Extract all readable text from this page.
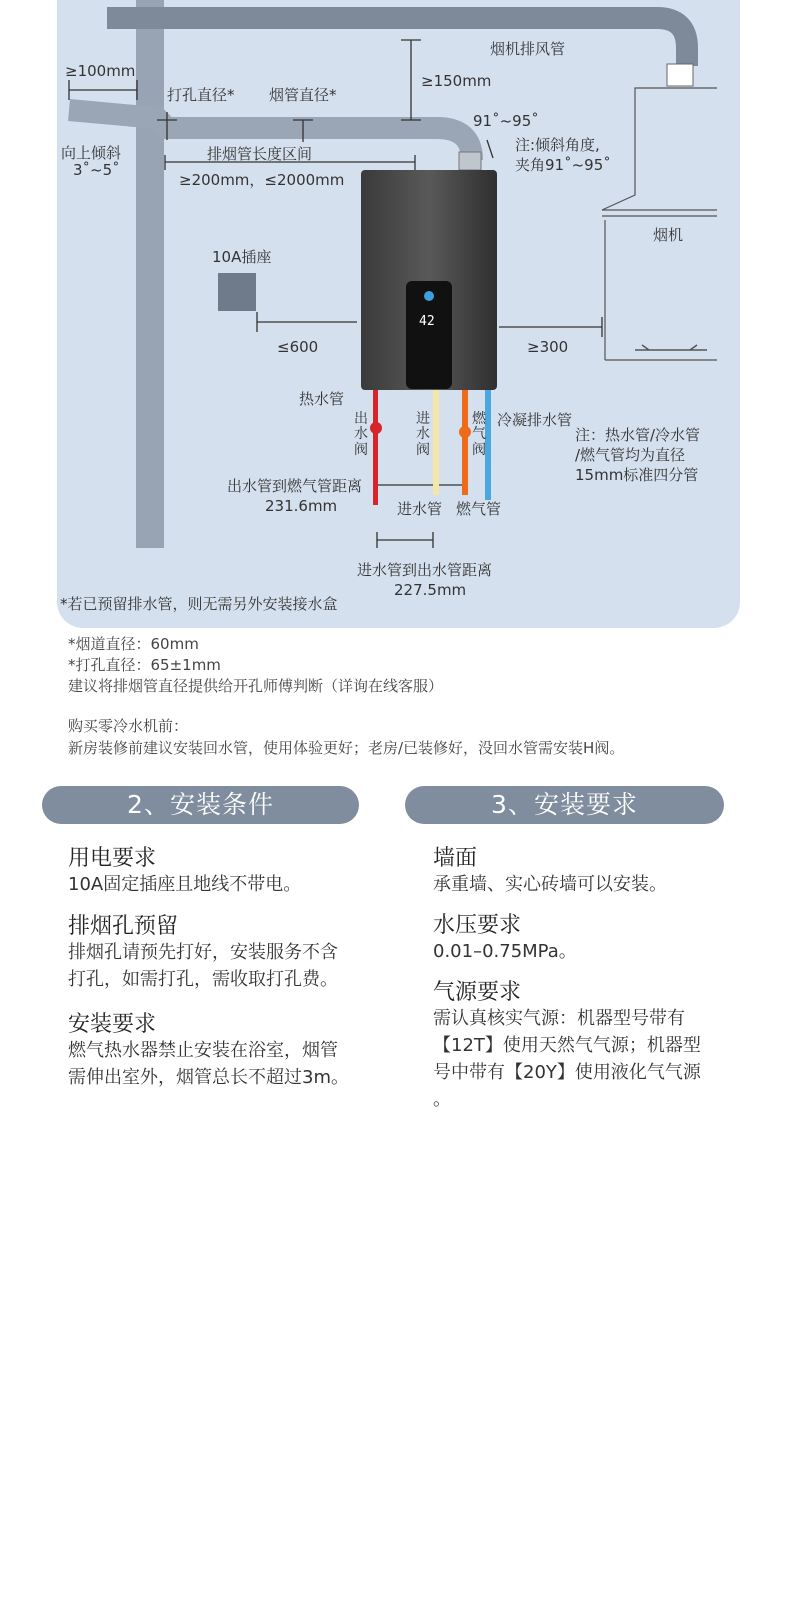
42
烟机排风管
≥100mm
打孔直径* 烟管直径*
≥150mm
91˚~95˚
向上倾斜
3˚~5˚
排烟管长度区间
≥200mm，≤2000mm
注:倾斜角度,
夹角91˚~95˚
烟机
10A插座
≤600	≥300
热水管
出水阀
进水阀
燃气阀
冷凝排水管
注：热水管/冷水管
/燃气管均为直径
15mm标准四分管
出水管到燃气管距离
231.6mm	进水管 燃气管
进水管到出水管距离
227.5mm
*若已预留排水管，则无需另外安装接水盒
*烟道直径：60mm
*打孔直径：65±1mm
建议将排烟管直径提供给开孔师傅判断（详询在线客服）
购买零冷水机前：
新房装修前建议安装回水管，使用体验更好；老房/已装修好，没回水管需安装H阀。
2、安装条件	3、安装要求
用电要求
10A固定插座且地线不带电。
排烟孔预留
排烟孔请预先打好，安装服务不含
打孔，如需打孔，需收取打孔费。
安装要求
燃气热水器禁止安装在浴室，烟管
需伸出室外，烟管总长不超过3m。
墙面
承重墙、实心砖墙可以安装。
水压要求
0.01–0.75MPa。
气源要求
需认真核实气源：机器型号带有
【12T】使用天然气气源；机器型
号中带有【20Y】使用液化气气源
。
